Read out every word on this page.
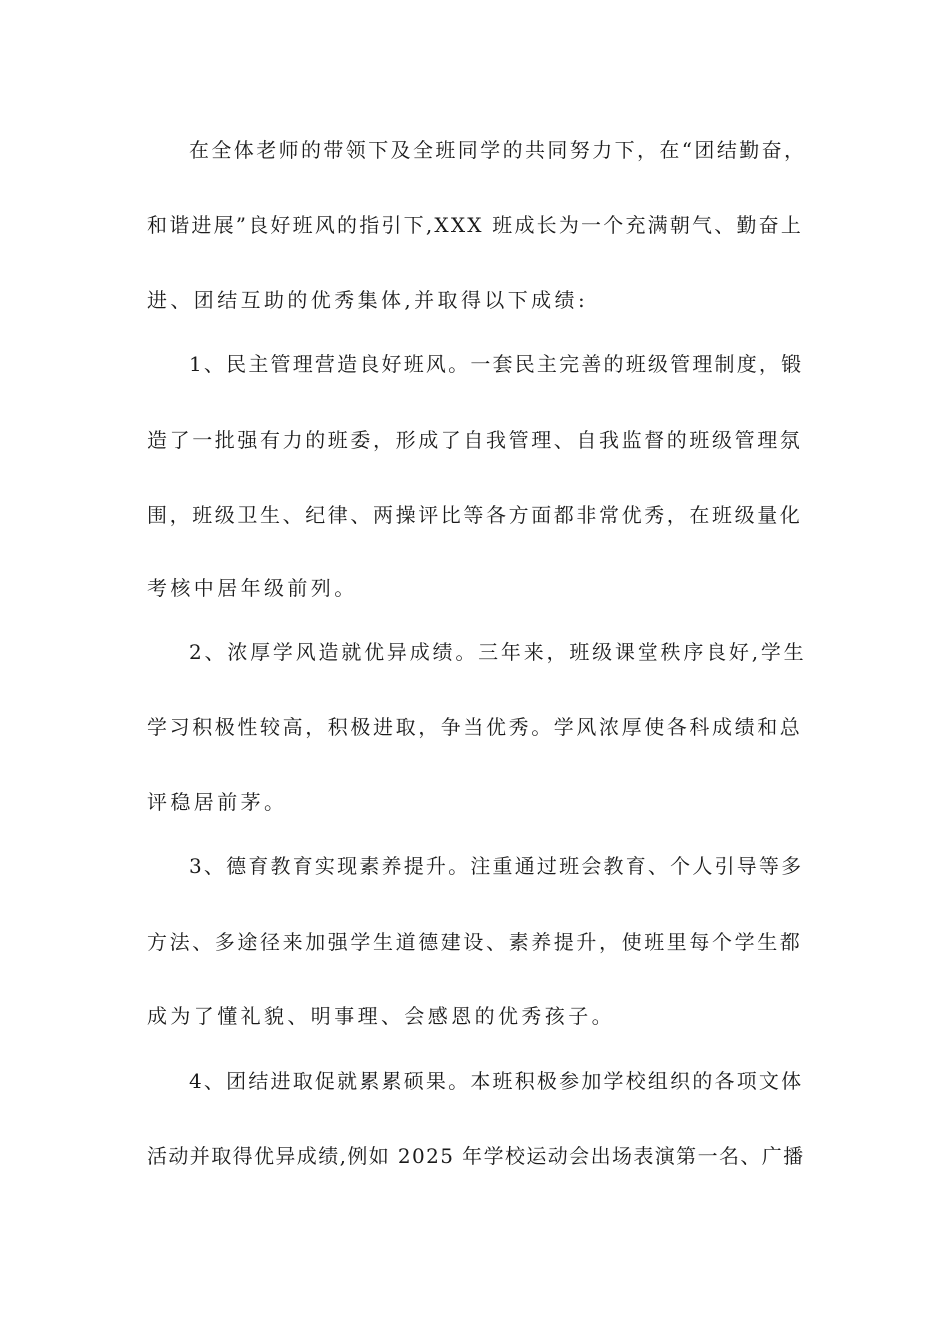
在全体老师的带领下及全班同学的共同努力下，在“团结勤奋，
和谐进展”良好班风的指引下,XXX 班成长为一个充满朝气、勤奋上
进、团结互助的优秀集体,并取得以下成绩:
1、民主管理营造良好班风。一套民主完善的班级管理制度，锻
造了一批强有力的班委，形成了自我管理、自我监督的班级管理氛
围，班级卫生、纪律、两操评比等各方面都非常优秀，在班级量化
考核中居年级前列。
2、浓厚学风造就优异成绩。三年来，班级课堂秩序良好,学生
学习积极性较高，积极进取，争当优秀。学风浓厚使各科成绩和总
评稳居前茅。
3、德育教育实现素养提升。注重通过班会教育、个人引导等多
方法、多途径来加强学生道德建设、素养提升，使班里每个学生都
成为了懂礼貌、明事理、会感恩的优秀孩子。
4、团结进取促就累累硕果。本班积极参加学校组织的各项文体
活动并取得优异成绩,例如 2025 年学校运动会出场表演第一名、广播
